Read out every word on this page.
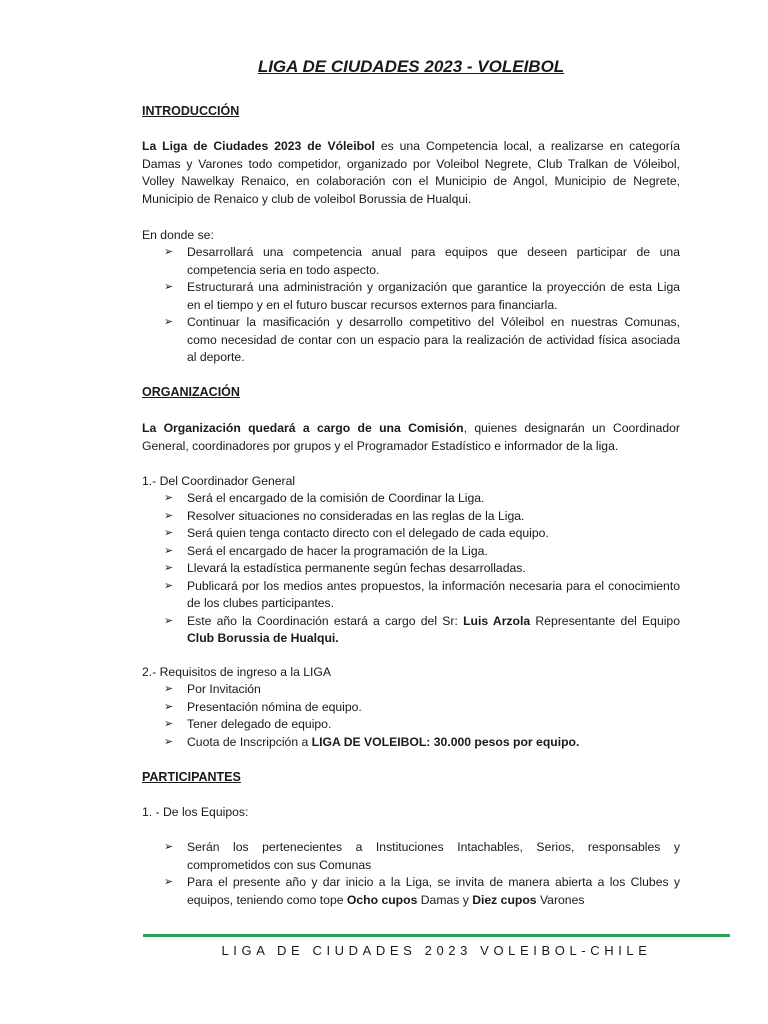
LIGA DE CIUDADES 2023 - VOLEIBOL
INTRODUCCIÓN
La Liga de Ciudades 2023 de Vóleibol es una Competencia local, a realizarse en categoría Damas y Varones todo competidor, organizado por Voleibol Negrete, Club Tralkan de Vóleibol, Volley Nawelkay Renaico, en colaboración con el Municipio de Angol, Municipio de Negrete, Municipio de Renaico y club de voleibol Borussia de Hualqui.
En donde se:
➢ Desarrollará una competencia anual para equipos que deseen participar de una competencia seria en todo aspecto.
➢ Estructurará una administración y organización que garantice la proyección de esta Liga en el tiempo y en el futuro buscar recursos externos para financiarla.
➢ Continuar la masificación y desarrollo competitivo del Vóleibol en nuestras Comunas, como necesidad de contar con un espacio para la realización de actividad física asociada al deporte.
ORGANIZACIÓN
La Organización quedará a cargo de una Comisión, quienes designarán un Coordinador General, coordinadores por grupos y el Programador Estadístico e informador de la liga.
1.- Del Coordinador General
➢ Será el encargado de la comisión de Coordinar la Liga.
➢ Resolver situaciones no consideradas en las reglas de la Liga.
➢ Será quien tenga contacto directo con el delegado de cada equipo.
➢ Será el encargado de hacer la programación de la Liga.
➢ Llevará la estadística permanente según fechas desarrolladas.
➢ Publicará por los medios antes propuestos, la información necesaria para el conocimiento de los clubes participantes.
➢ Este año la Coordinación estará a cargo del Sr: Luis Arzola Representante del Equipo Club Borussia de Hualqui.
2.- Requisitos de ingreso a la LIGA
➢ Por Invitación
➢ Presentación nómina de equipo.
➢ Tener delegado de equipo.
➢ Cuota de Inscripción a LIGA DE VOLEIBOL: 30.000 pesos por equipo.
PARTICIPANTES
1. - De los Equipos:
➢ Serán los pertenecientes a Instituciones Intachables, Serios, responsables y comprometidos con sus Comunas
➢ Para el presente año y dar inicio a la Liga, se invita de manera abierta a los Clubes y equipos, teniendo como tope Ocho cupos Damas y Diez cupos Varones
LIGA DE CIUDADES 2023 VOLEIBOL-CHILE
